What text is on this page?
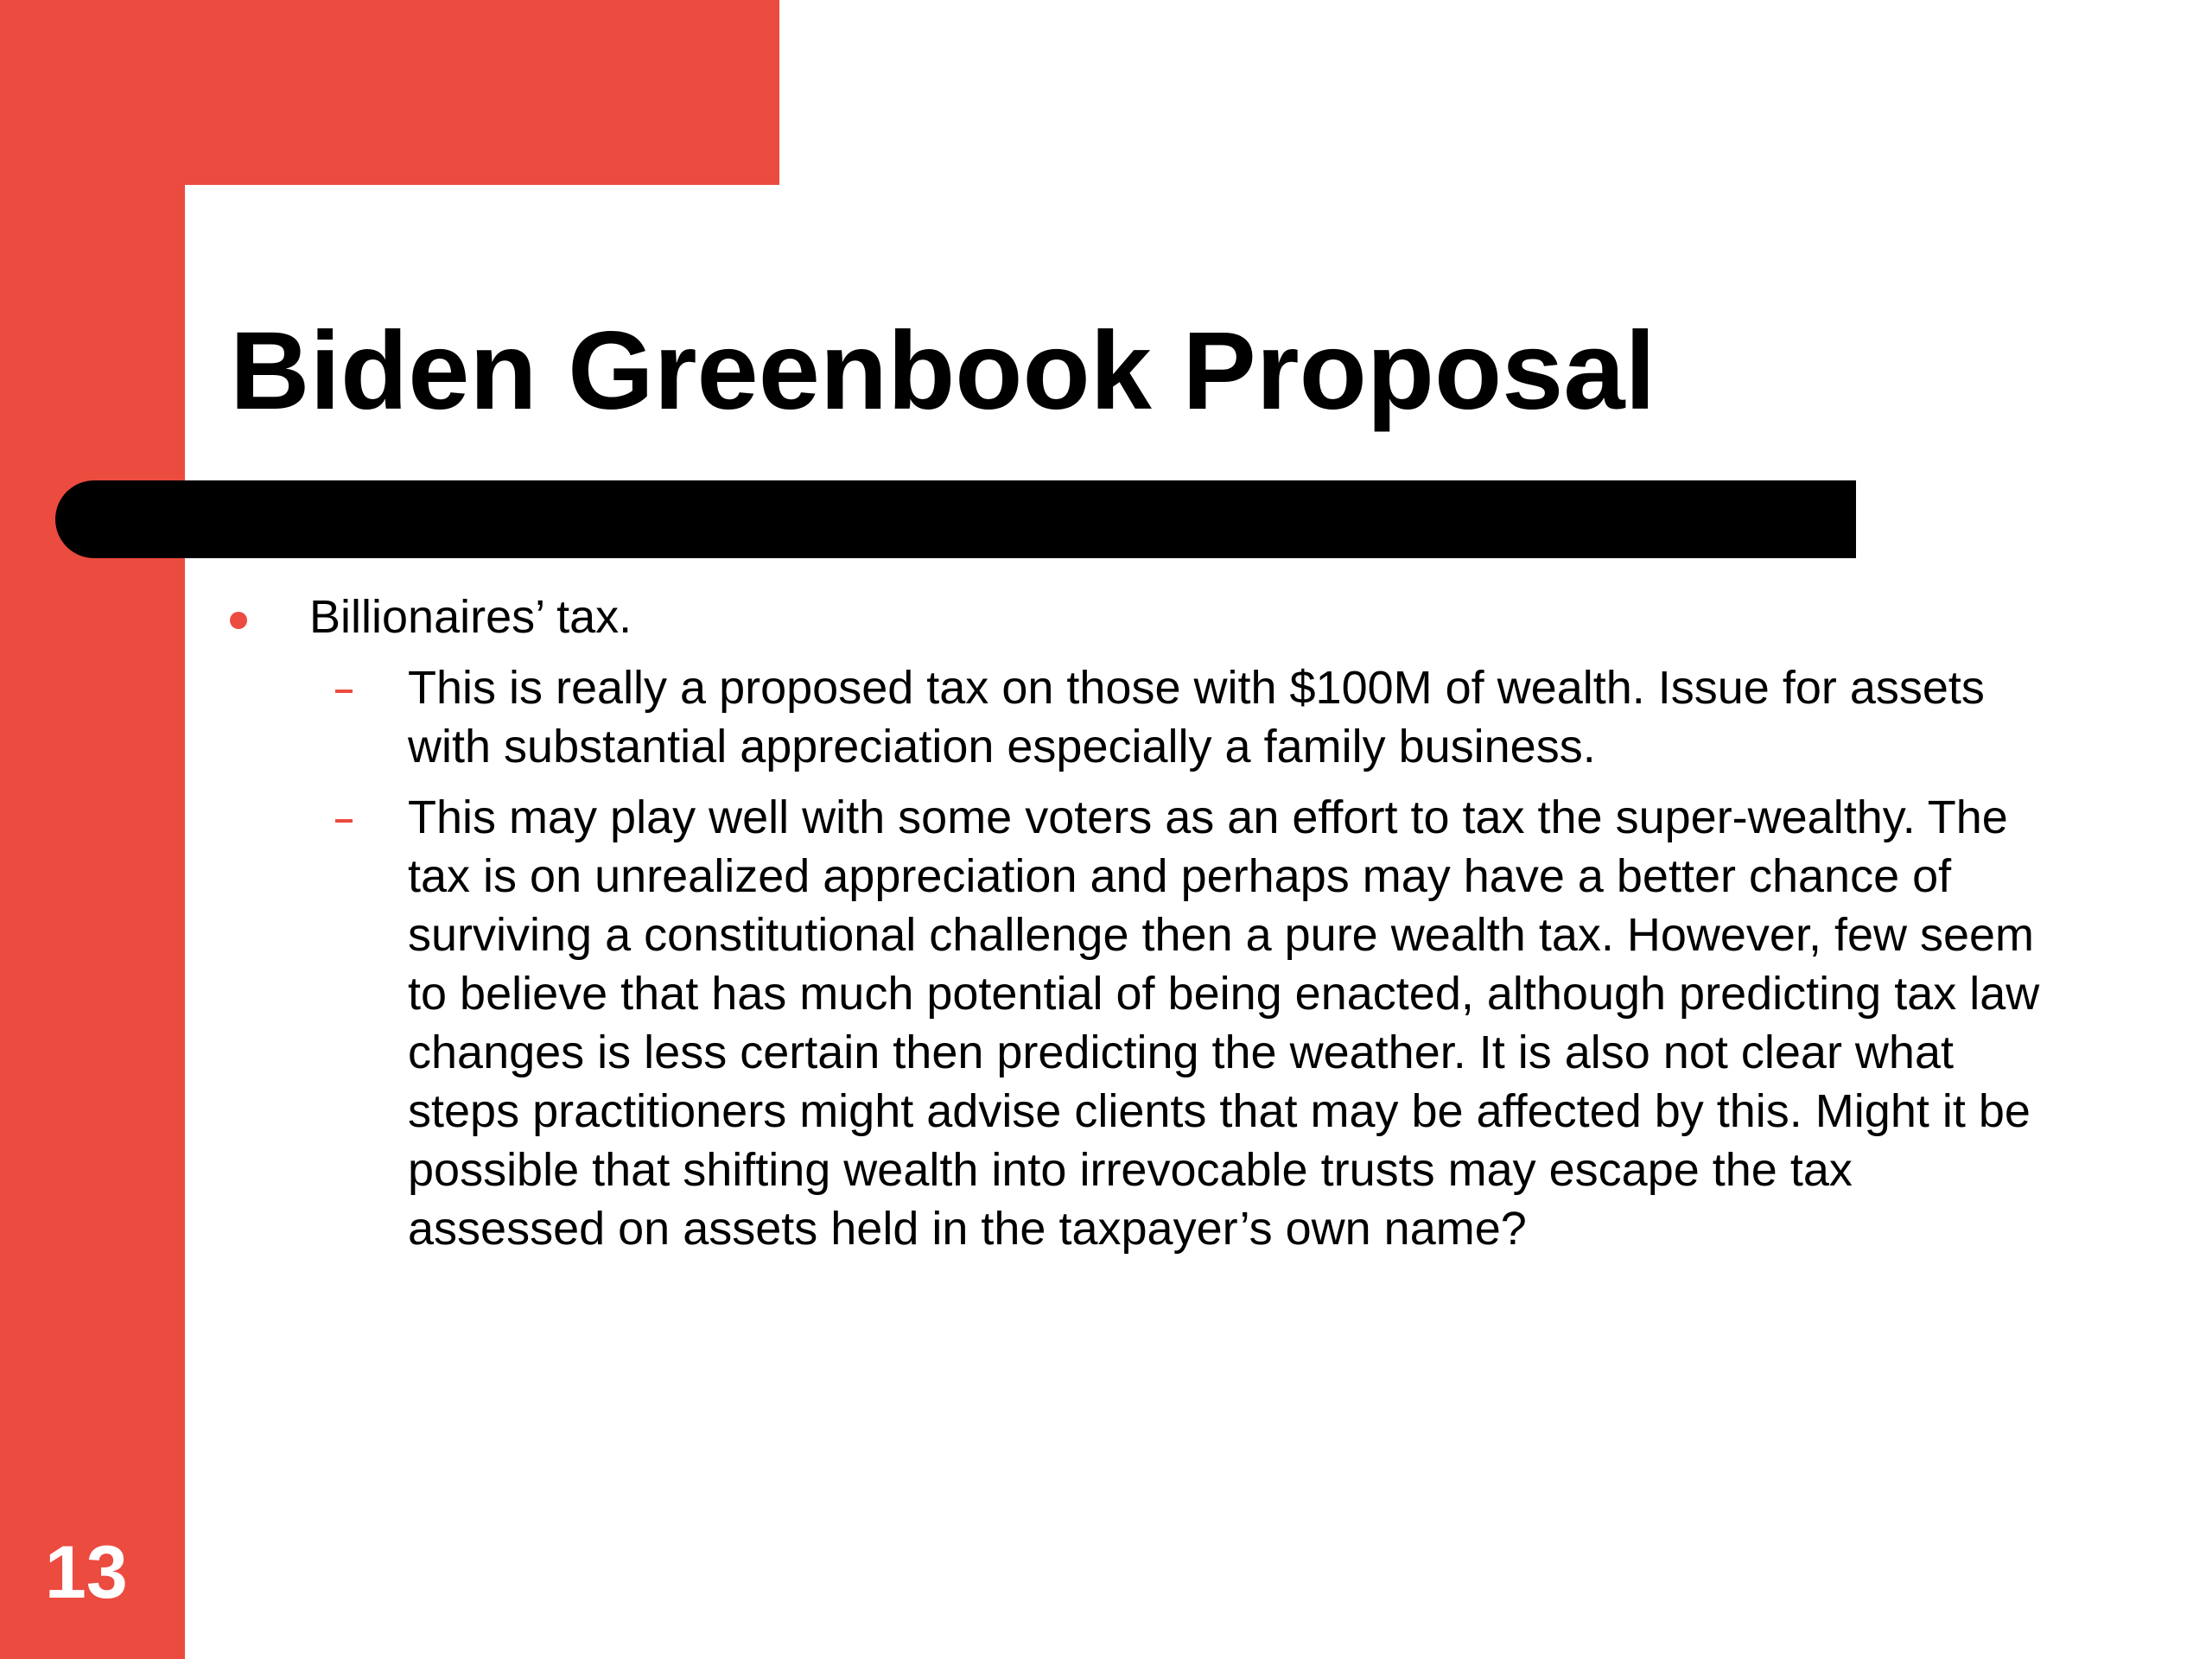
Biden Greenbook Proposal
Billionaires’ tax.
This is really a proposed tax on those with $100M of wealth. Issue for assets with substantial appreciation especially a family business.
This may play well with some voters as an effort to tax the super-wealthy. The tax is on unrealized appreciation and perhaps may have a better chance of surviving a constitutional challenge then a pure wealth tax. However, few seem to believe that has much potential of being enacted, although predicting tax law changes is less certain then predicting the weather. It is also not clear what steps practitioners might advise clients that may be affected by this. Might it be possible that shifting wealth into irrevocable trusts may escape the tax assessed on assets held in the taxpayer’s own name?
13
